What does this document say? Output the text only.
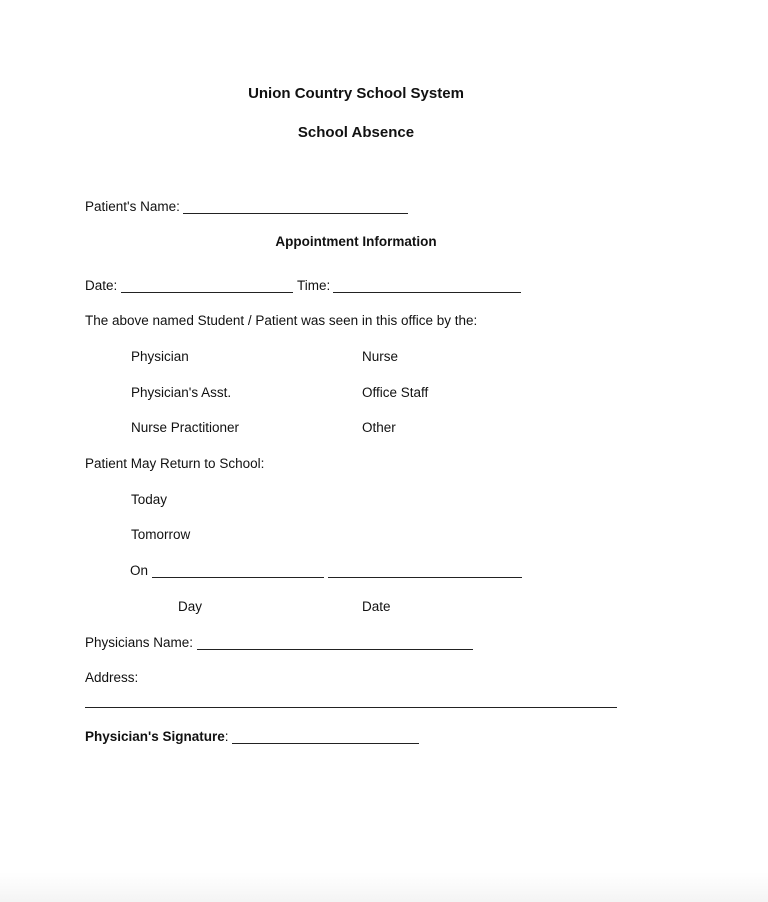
Union Country School System
School Absence
Patient's Name:
Appointment Information
Date:	Time:
The above named Student / Patient was seen in this office by the:
Physician	Nurse
Physician's Asst.	Office Staff
Nurse Practitioner	Other
Patient May Return to School:
Today
Tomorrow
On
Day	Date
Physicians Name:
Address:
Physician's Signature:
